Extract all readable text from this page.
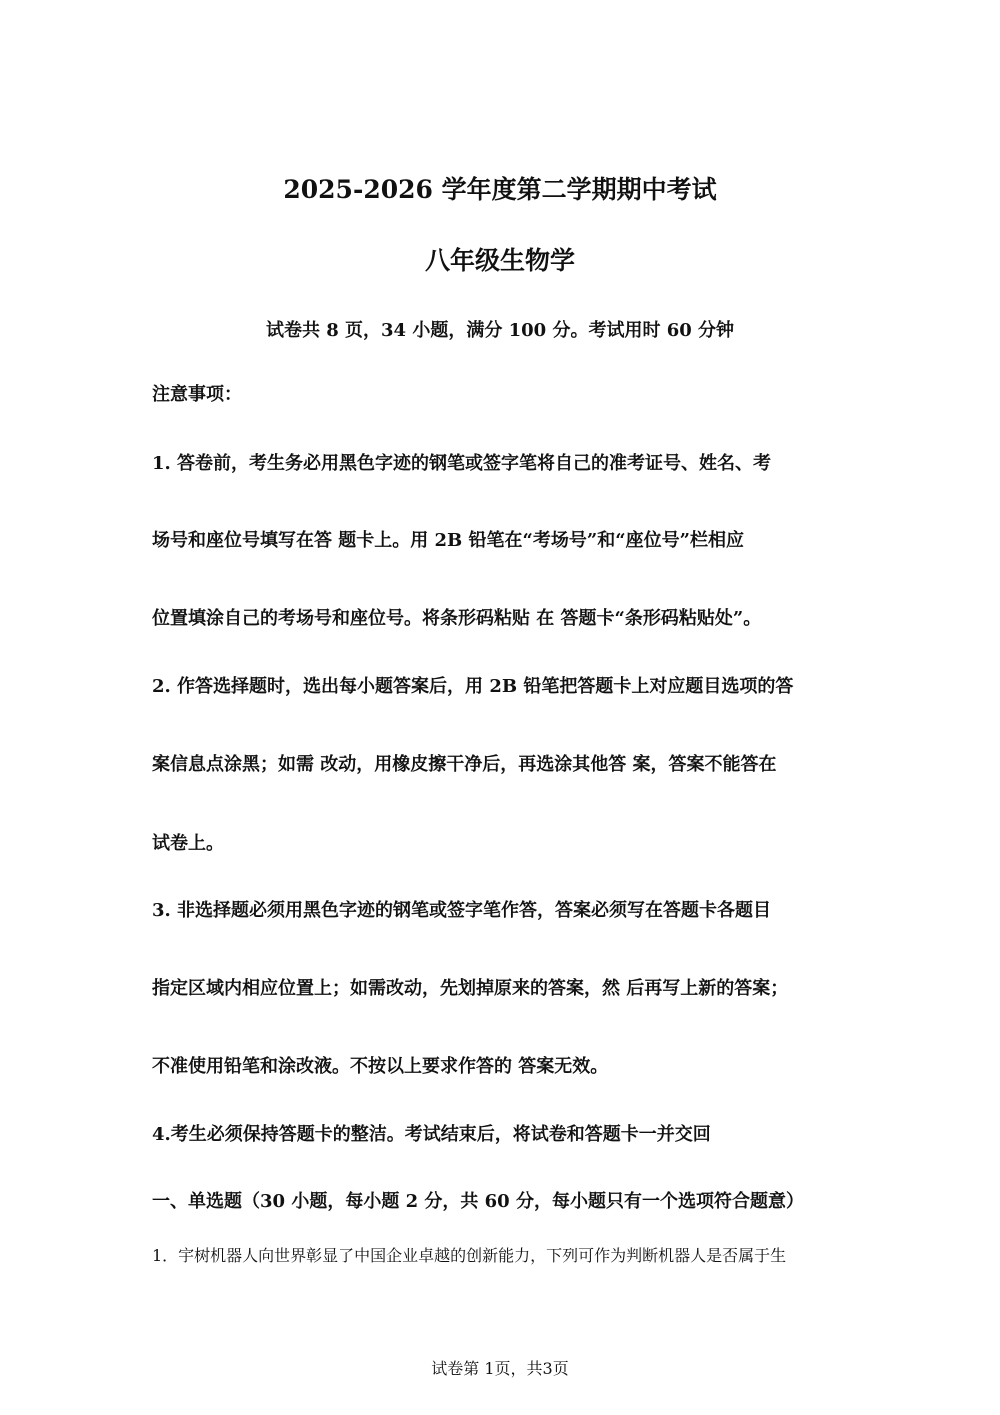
2025-2026 学年度第二学期期中考试
八年级生物学
试卷共 8 页，34 小题，满分 100 分。考试用时 60 分钟
注意事项：
1. 答卷前，考生务必用黑色字迹的钢笔或签字笔将自己的准考证号、姓名、考
场号和座位号填写在答 题卡上。用 2B 铅笔在“考场号”和“座位号”栏相应
位置填涂自己的考场号和座位号。将条形码粘贴 在 答题卡“条形码粘贴处”。
2. 作答选择题时，选出每小题答案后，用 2B 铅笔把答题卡上对应题目选项的答
案信息点涂黑；如需 改动，用橡皮擦干净后，再选涂其他答 案，答案不能答在
试卷上。
3. 非选择题必须用黑色字迹的钢笔或签字笔作答，答案必须写在答题卡各题目
指定区域内相应位置上；如需改动，先划掉原来的答案，然 后再写上新的答案；
不准使用铅笔和涂改液。不按以上要求作答的 答案无效。
4.考生必须保持答题卡的整洁。考试结束后，将试卷和答题卡一并交回
一、单选题（30 小题，每小题 2 分，共 60 分，每小题只有一个选项符合题意）
1．宇树机器人向世界彰显了中国企业卓越的创新能力，下列可作为判断机器人是否属于生
试卷第 1页，共3页
